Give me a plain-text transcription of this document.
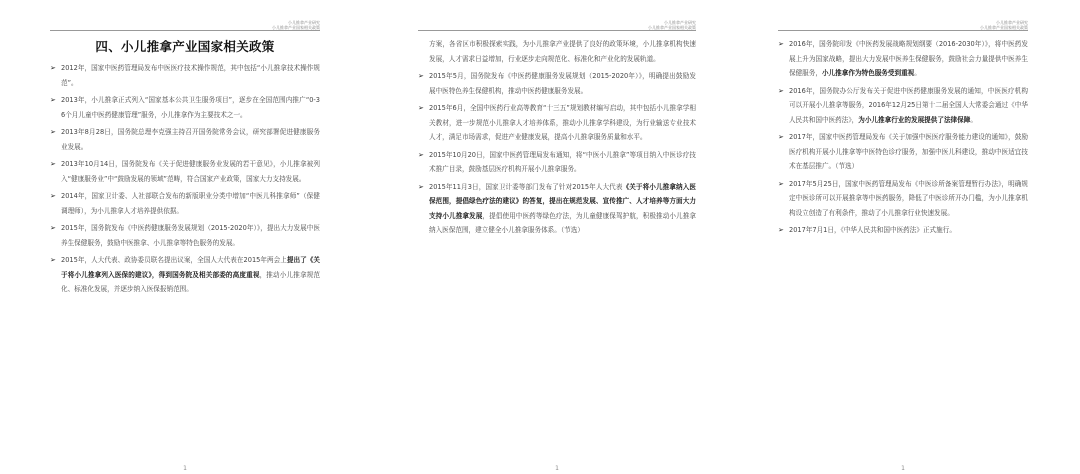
小儿推拿产业研究
小儿推拿产业国家相关政策
四、小儿推拿产业国家相关政策
➢ 2012年，国家中医药管理局发布中医医疗技术操作规范，其中包括“小儿推拿技术操作规范”。
➢ 2013年，小儿推拿正式列入“国家基本公共卫生服务项目”，逐步在全国范围内推广“0-36个月儿童中医药健康管理”服务，小儿推拿作为主要技术之一。
➢ 2013年8月28日，国务院总理李克强主持召开国务院常务会议，研究部署促进健康服务业发展。
➢ 2013年10月14日，国务院发布《关于促进健康服务业发展的若干意见》，小儿推拿被列入“健康服务业”中“鼓励发展的领域”范畴，符合国家产业政策，国家大力支持发展。
➢ 2014年，国家卫计委、人社部联合发布的新版职业分类中增加“中医儿科推拿师”（保健调理师），为小儿推拿人才培养提供依据。
➢ 2015年，国务院发布《中医药健康服务发展规划（2015-2020年）》，提出大力发展中医养生保健服务，鼓励中医推拿、小儿推拿等特色服务的发展。
➢ 2015年，人大代表、政协委员联名提出议案，全国人大代表在2015年两会上提出了《关于将小儿推拿列入医保的建议》，得到国务院及相关部委的高度重视，推动小儿推拿规范化、标准化发展，并逐步纳入医保报销范围。
1
小儿推拿产业研究
小儿推拿产业国家相关政策
方案，各省区市积极探索实践，为小儿推拿产业提供了良好的政策环境，小儿推拿机构快速发展，人才需求日益增加，行业逐步走向规范化、标准化和产业化的发展轨道。
➢ 2015年5月，国务院发布《中医药健康服务发展规划（2015-2020年）》，明确提出鼓励发展中医特色养生保健机构，推动中医药健康服务发展。
➢ 2015年6月，全国中医药行业高等教育“十三五”规划教材编写启动，其中包括小儿推拿学相关教材，进一步规范小儿推拿人才培养体系，推动小儿推拿学科建设，为行业输送专业技术人才，满足市场需求，促进产业健康发展，提高小儿推拿服务质量和水平。
➢ 2015年10月20日，国家中医药管理局发布通知，将“中医小儿推拿”等项目纳入中医诊疗技术推广目录，鼓励基层医疗机构开展小儿推拿服务。
➢ 2015年11月3日，国家卫计委等部门发布了针对2015年人大代表《关于将小儿推拿纳入医保范围，提倡绿色疗法的建议》的答复，提出在规范发展、宣传推广、人才培养等方面大力支持小儿推拿发展，提倡使用中医药等绿色疗法，为儿童健康保驾护航，积极推动小儿推拿纳入医保范围，建立健全小儿推拿服务体系。（节选）
1
小儿推拿产业研究
小儿推拿产业国家相关政策
➢ 2016年，国务院印发《中医药发展战略规划纲要（2016-2030年）》，将中医药发展上升为国家战略，提出大力发展中医养生保健服务，鼓励社会力量提供中医养生保健服务，小儿推拿作为特色服务受到重视。
➢ 2016年，国务院办公厅发布关于促进中医药健康服务发展的通知，中医医疗机构可以开展小儿推拿等服务，2016年12月25日第十二届全国人大常委会通过《中华人民共和国中医药法》，为小儿推拿行业的发展提供了法律保障。
➢ 2017年，国家中医药管理局发布《关于加强中医医疗服务能力建设的通知》，鼓励医疗机构开展小儿推拿等中医特色诊疗服务，加强中医儿科建设，推动中医适宜技术在基层推广。（节选）
➢ 2017年5月25日，国家中医药管理局发布《中医诊所备案管理暂行办法》，明确规定中医诊所可以开展推拿等中医药服务，降低了中医诊所开办门槛，为小儿推拿机构设立创造了有利条件，推动了小儿推拿行业快速发展。
➢ 2017年7月1日，《中华人民共和国中医药法》正式施行。
1
